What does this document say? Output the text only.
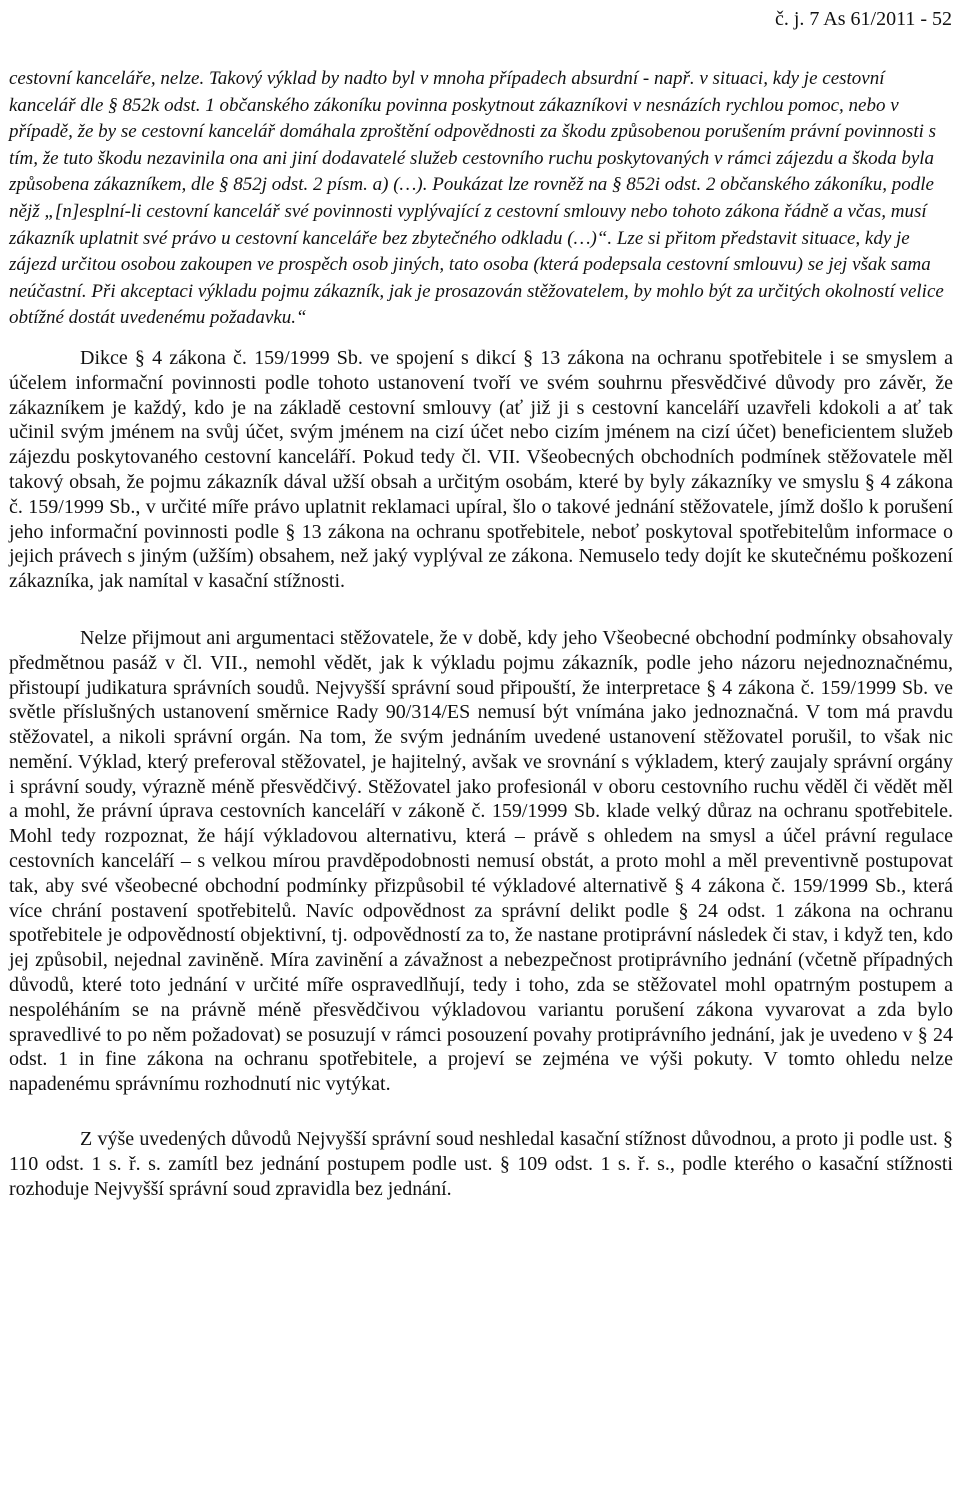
č. j. 7 As 61/2011 - 52

cestovní kanceláře, nelze. Takový výklad by nadto byl v mnoha případech absurdní - např. v situaci, kdy je cestovní kancelář dle § 852k odst. 1 občanského zákoníku povinna poskytnout zákazníkovi v nesnázích rychlou pomoc, nebo v případě, že by se cestovní kancelář domáhala zproštění odpovědnosti za škodu způsobenou porušením právní povinnosti s tím, že tuto škodu nezavinila ona ani jiní dodavatelé služeb cestovního ruchu poskytovaných v rámci zájezdu a škoda byla způsobena zákazníkem, dle § 852j odst. 2 písm. a) (…). Poukázat lze rovněž na § 852i odst. 2 občanského zákoníku, podle nějž „[n]esplní-li cestovní kancelář své povinnosti vyplývající z cestovní smlouvy nebo tohoto zákona řádně a včas, musí zákazník uplatnit své právo u cestovní kanceláře bez zbytečného odkladu (…)“. Lze si přitom představit situace, kdy je zájezd určitou osobou zakoupen ve prospěch osob jiných, tato osoba (která podepsala cestovní smlouvu) se jej však sama neúčastní. Při akceptaci výkladu pojmu zákazník, jak je prosazován stěžovatelem, by mohlo být za určitých okolností velice obtížné dostát uvedenému požadavku.“

Dikce § 4 zákona č. 159/1999 Sb. ve spojení s dikcí § 13 zákona na ochranu spotřebitele i se smyslem a účelem informační povinnosti podle tohoto ustanovení tvoří ve svém souhrnu přesvědčivé důvody pro závěr, že zákazníkem je každý, kdo je na základě cestovní smlouvy (ať již ji s cestovní kanceláří uzavřeli kdokoli a ať tak učinil svým jménem na svůj účet, svým jménem na cizí účet nebo cizím jménem na cizí účet) beneficientem služeb zájezdu poskytovaného cestovní kanceláří. Pokud tedy čl. VII. Všeobecných obchodních podmínek stěžovatele měl takový obsah, že pojmu zákazník dával užší obsah a určitým osobám, které by byly zákazníky ve smyslu § 4 zákona č. 159/1999 Sb., v určité míře právo uplatnit reklamaci upíral, šlo o takové jednání stěžovatele, jímž došlo k porušení jeho informační povinnosti podle § 13 zákona na ochranu spotřebitele, neboť poskytoval spotřebitelům informace o jejich právech s jiným (užším) obsahem, než jaký vyplýval ze zákona. Nemuselo tedy dojít ke skutečnému poškození zákazníka, jak namítal v kasační stížnosti.

Nelze přijmout ani argumentaci stěžovatele, že v době, kdy jeho Všeobecné obchodní podmínky obsahovaly předmětnou pasáž v čl. VII., nemohl vědět, jak k výkladu pojmu zákazník, podle jeho názoru nejednoznačnému, přistoupí judikatura správních soudů. Nejvyšší správní soud připouští, že interpretace § 4 zákona č. 159/1999 Sb. ve světle příslušných ustanovení směrnice Rady 90/314/ES nemusí být vnímána jako jednoznačná. V tom má pravdu stěžovatel, a nikoli správní orgán. Na tom, že svým jednáním uvedené ustanovení stěžovatel porušil, to však nic nemění. Výklad, který preferoval stěžovatel, je hajitelný, avšak ve srovnání s výkladem, který zaujaly správní orgány i správní soudy, výrazně méně přesvědčivý. Stěžovatel jako profesionál v oboru cestovního ruchu věděl či vědět měl a mohl, že právní úprava cestovních kanceláří v zákoně č. 159/1999 Sb. klade velký důraz na ochranu spotřebitele. Mohl tedy rozpoznat, že hájí výkladovou alternativu, která – právě s ohledem na smysl a účel právní regulace cestovních kanceláří – s velkou mírou pravděpodobnosti nemusí obstát, a proto mohl a měl preventivně postupovat tak, aby své všeobecné obchodní podmínky přizpůsobil té výkladové alternativě § 4 zákona č. 159/1999 Sb., která více chrání postavení spotřebitelů. Navíc odpovědnost za správní delikt podle § 24 odst. 1 zákona na ochranu spotřebitele je odpovědností objektivní, tj. odpovědností za to, že nastane protiprávní následek či stav, i když ten, kdo jej způsobil, nejednal zaviněně. Míra zavinění a závažnost a nebezpečnost protiprávního jednání (včetně případných důvodů, které toto jednání v určité míře ospravedlňují, tedy i toho, zda se stěžovatel mohl opatrným postupem a nespoléháním se na právně méně přesvědčivou výkladovou variantu porušení zákona vyvarovat a zda bylo spravedlivé to po něm požadovat) se posuzují v rámci posouzení povahy protiprávního jednání, jak je uvedeno v § 24 odst. 1 in fine zákona na ochranu spotřebitele, a projeví se zejména ve výši pokuty. V tomto ohledu nelze napadenému správnímu rozhodnutí nic vytýkat.

Z výše uvedených důvodů Nejvyšší správní soud neshledal kasační stížnost důvodnou, a proto ji podle ust. § 110 odst. 1 s. ř. s. zamítl bez jednání postupem podle ust. § 109 odst. 1 s. ř. s., podle kterého o kasační stížnosti rozhoduje Nejvyšší správní soud zpravidla bez jednání.
